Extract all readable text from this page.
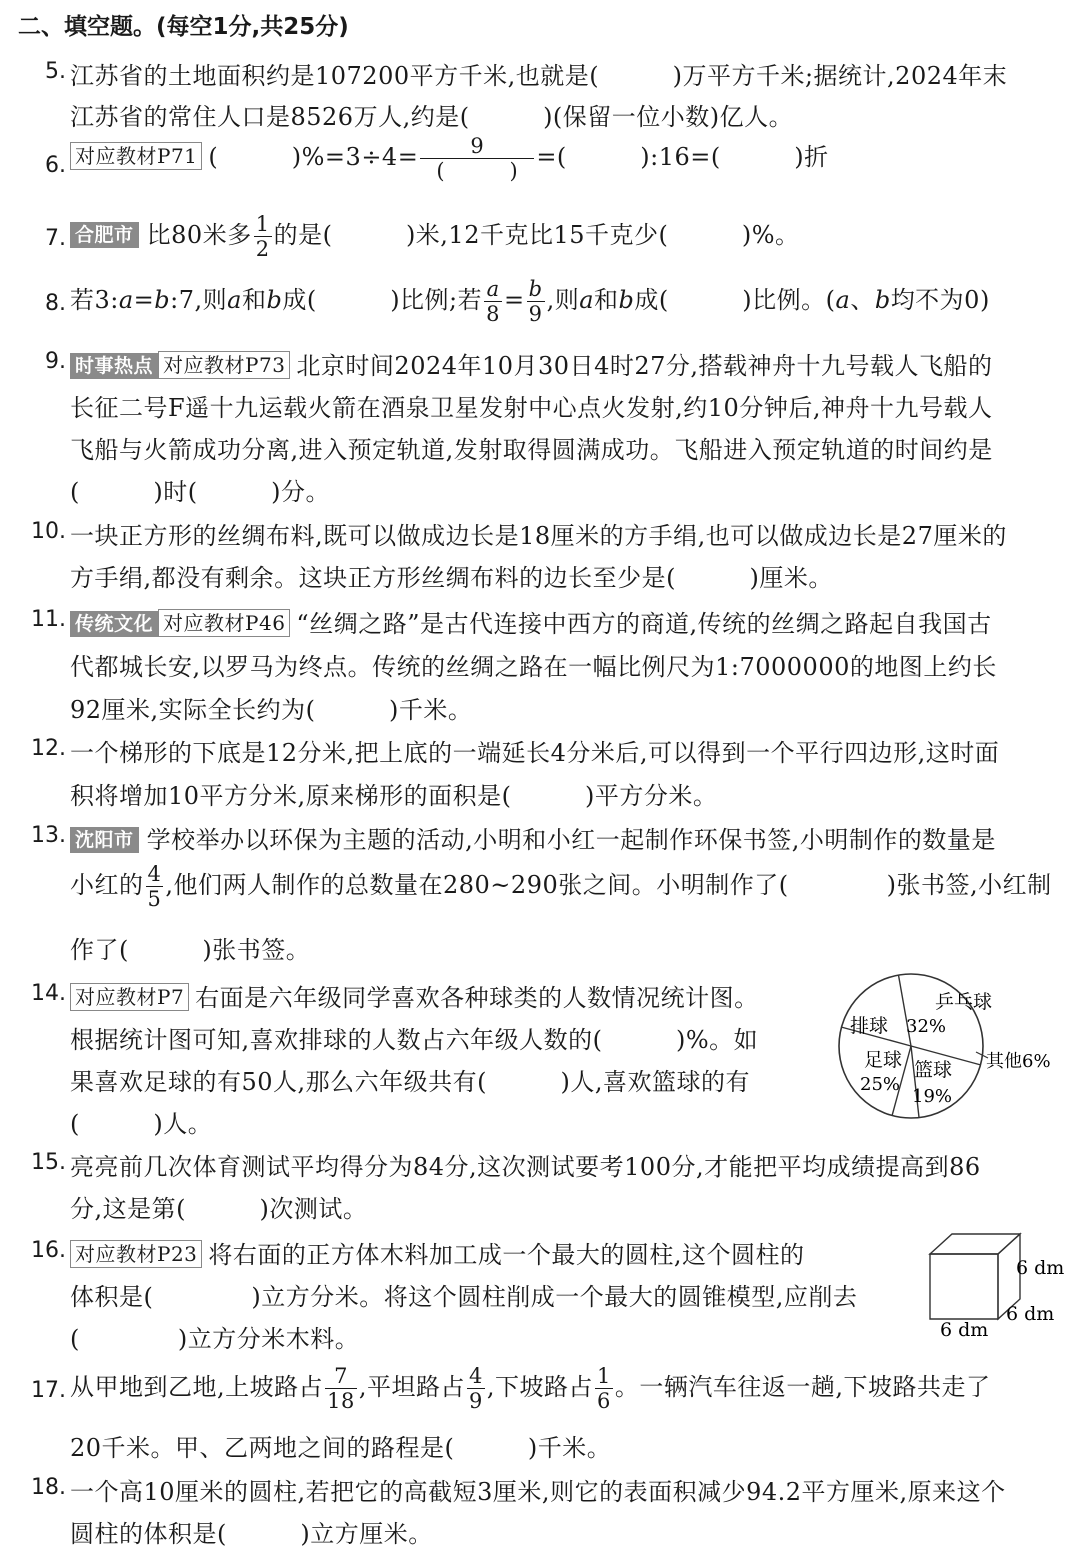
二、填空题。(每空1分,共25分)
5. 江苏省的土地面积约是107200平方千米,也就是(　　　)万平方千米;据统计,2024年末
江苏省的常住人口是8526万人,约是(　　　)(保留一位小数)亿人。
6. 对应教材P71 (　　　)$\%=3\div 4= \frac{9}{( )}$ =(　　　):16=(　　　)折
7. 合肥市 比80米多 $\frac{1}{2}$ 的是(　　　)米,12千克比15千克少(　　　)%。
8. 若3:a=b:7,则a和b成(　　　)比例;若 $\frac{a}{8} = \frac{b}{9}$ ,则a和b成(　　　)比例。(a、b均不为0)
9. 时事热点 对应教材P73 北京时间2024年10月30日4时27分,搭载神舟十九号载人飞船的
长征二号F遥十九运载火箭在酒泉卫星发射中心点火发射,约10分钟后,神舟十九号载人
飞船与火箭成功分离,进入预定轨道,发射取得圆满成功。飞船进入预定轨道的时间约是
(　　　)时(　　　)分。
10. 一块正方形的丝绸布料,既可以做成边长是18厘米的方手绢,也可以做成边长是27厘米的
方手绢,都没有剩余。这块正方形丝绸布料的边长至少是(　　　)厘米。
11. 传统文化 对应教材P46 “丝绸之路”是古代连接中西方的商道,传统的丝绸之路起自我国古
代都城长安,以罗马为终点。传统的丝绸之路在一幅比例尺为1:7000000的地图上约长
92厘米,实际全长约为(　　　)千米。
12. 一个梯形的下底是12分米,把上底的一端延长4分米后,可以得到一个平行四边形,这时面
积将增加10平方分米,原来梯形的面积是(　　　)平方分米。
13. 沈阳市 学校举办以环保为主题的活动,小明和小红一起制作环保书签,小明制作的数量是
小红的 $\frac{4}{5}$ ,他们两人制作的总数量在280~290张之间。小明制作了(　　　　)张书签,小红制
作了(　　　)张书签。
14. 对应教材P7 右面是六年级同学喜欢各种球类的人数情况统计图。
根据统计图可知,喜欢排球的人数占六年级人数的(　　　)%。如
果喜欢足球的有50人,那么六年级共有(　　　)人,喜欢篮球的有
(　　　)人。
乒乓球
32%
排球
足球
25%
篮球
19%
其他6%
15. 亮亮前几次体育测试平均得分为84分,这次测试要考100分,才能把平均成绩提高到86
分,这是第(　　　)次测试。
16. 对应教材P23 将右面的正方体木料加工成一个最大的圆柱,这个圆柱的
体积是(　　　　)立方分米。将这个圆柱削成一个最大的圆锥模型,应削去
(　　　　)立方分米木料。
6 dm
6 dm
6 dm
17. 从甲地到乙地,上坡路占 $\frac{7}{18}$ ,平坦路占 $\frac{4}{9}$ ,下坡路占 $\frac{1}{6}$ 。一辆汽车往返一趟,下坡路共走了
20千米。甲、乙两地之间的路程是(　　　)千米。
18. 一个高10厘米的圆柱,若把它的高截短3厘米,则它的表面积减少94.2平方厘米,原来这个
圆柱的体积是(　　　)立方厘米。
